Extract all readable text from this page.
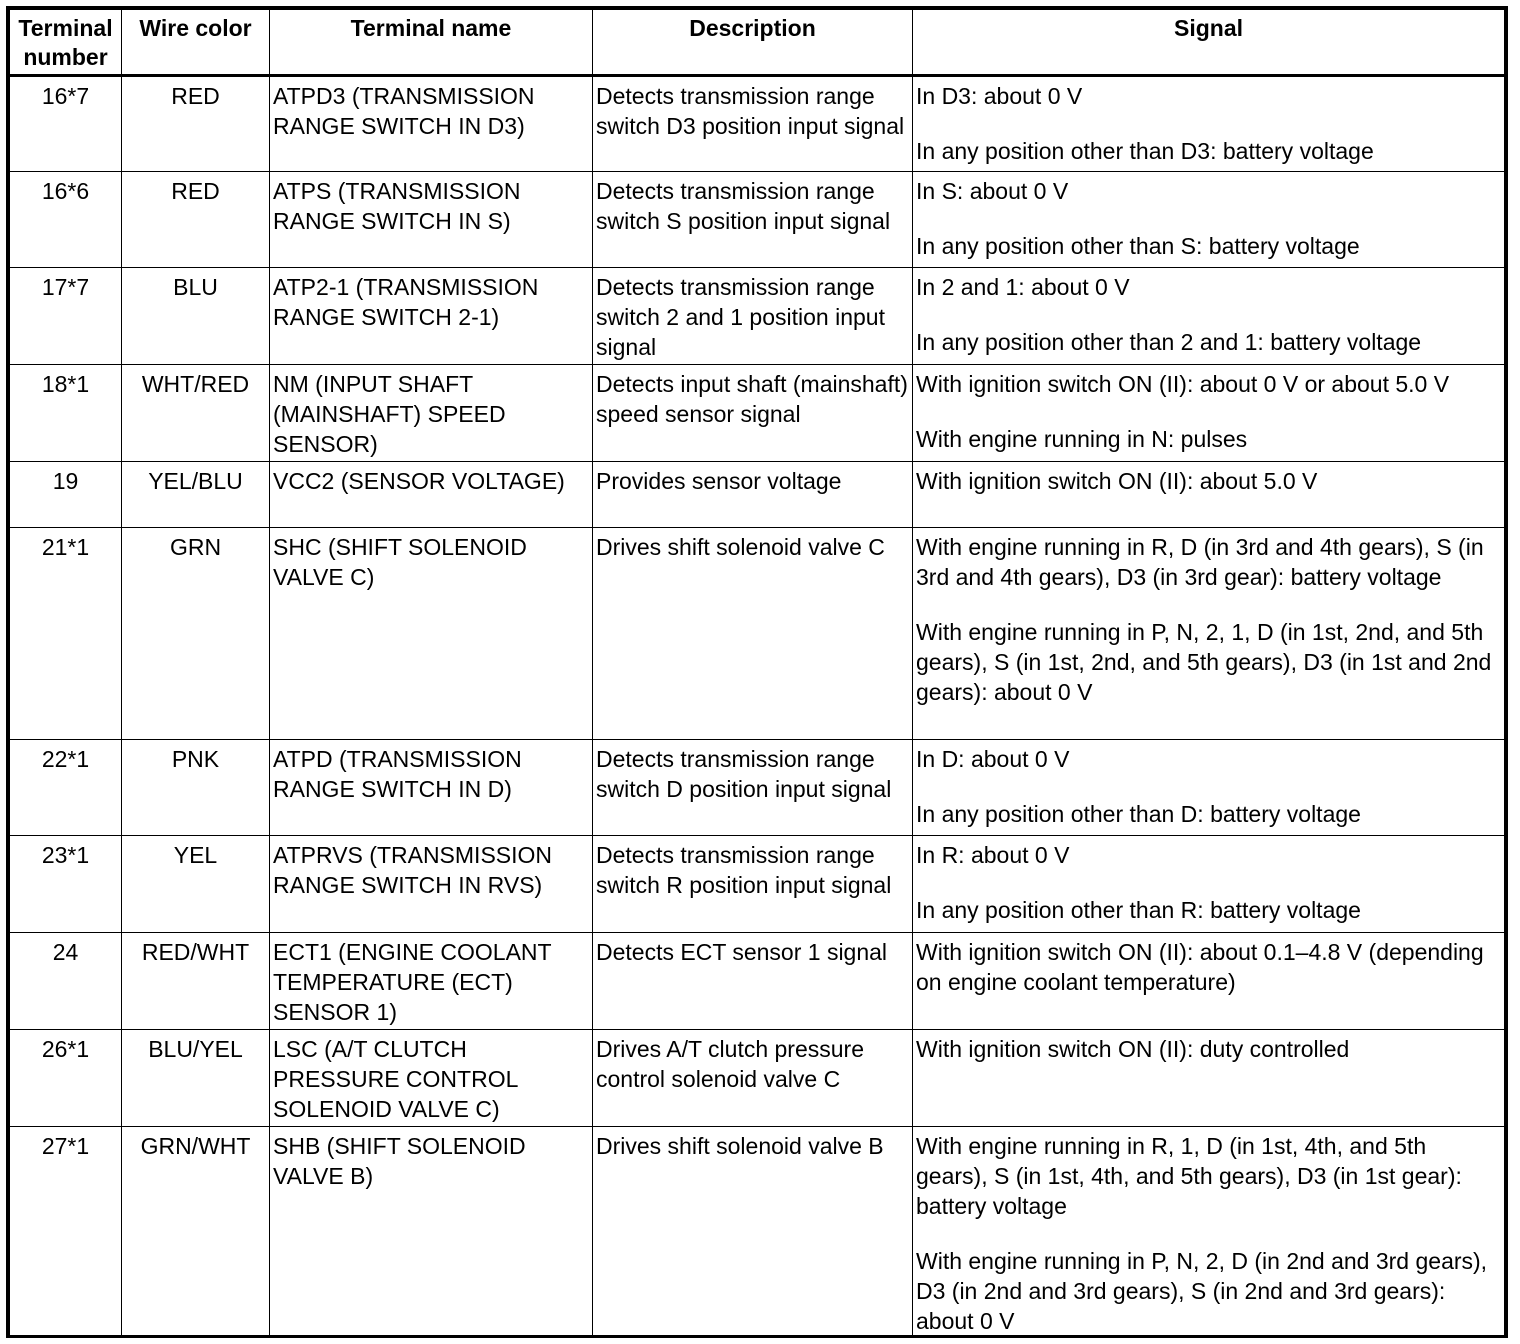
Terminal number	Wire color	Terminal name	Description	Signal
16*7	RED	ATPD3 (TRANSMISSION RANGE SWITCH IN D3)	Detects transmission range switch D3 position input signal	In D3: about 0 V
In any position other than D3: battery voltage

16*6	RED	ATPS (TRANSMISSION RANGE SWITCH IN S)	Detects transmission range switch S position input signal	In S: about 0 V
In any position other than S: battery voltage

17*7	BLU	ATP2-1 (TRANSMISSION RANGE SWITCH 2-1)	Detects transmission range switch 2 and 1 position input signal	In 2 and 1: about 0 V
In any position other than 2 and 1: battery voltage

18*1	WHT/RED	NM (INPUT SHAFT (MAINSHAFT) SPEED SENSOR)	Detects input shaft (mainshaft) speed sensor signal	With ignition switch ON (II): about 0 V or about 5.0 V
With engine running in N: pulses

19	YEL/BLU	VCC2 (SENSOR VOLTAGE)	Provides sensor voltage	With ignition switch ON (II): about 5.0 V

21*1	GRN	SHC (SHIFT SOLENOID VALVE C)	Drives shift solenoid valve C	With engine running in R, D (in 3rd and 4th gears), S (in 3rd and 4th gears), D3 (in 3rd gear): battery voltage
With engine running in P, N, 2, 1, D (in 1st, 2nd, and 5th gears), S (in 1st, 2nd, and 5th gears), D3 (in 1st and 2nd gears): about 0 V

22*1	PNK	ATPD (TRANSMISSION RANGE SWITCH IN D)	Detects transmission range switch D position input signal	In D: about 0 V
In any position other than D: battery voltage

23*1	YEL	ATPRVS (TRANSMISSION RANGE SWITCH IN RVS)	Detects transmission range switch R position input signal	In R: about 0 V
In any position other than R: battery voltage

24	RED/WHT	ECT1 (ENGINE COOLANT TEMPERATURE (ECT) SENSOR 1)	Detects ECT sensor 1 signal	With ignition switch ON (II): about 0.1–4.8 V (depending on engine coolant temperature)

26*1	BLU/YEL	LSC (A/T CLUTCH PRESSURE CONTROL SOLENOID VALVE C)	Drives A/T clutch pressure control solenoid valve C	With ignition switch ON (II): duty controlled

27*1	GRN/WHT	SHB (SHIFT SOLENOID VALVE B)	Drives shift solenoid valve B	With engine running in R, 1, D (in 1st, 4th, and 5th gears), S (in 1st, 4th, and 5th gears), D3 (in 1st gear): battery voltage
With engine running in P, N, 2, D (in 2nd and 3rd gears), D3 (in 2nd and 3rd gears), S (in 2nd and 3rd gears): about 0 V
